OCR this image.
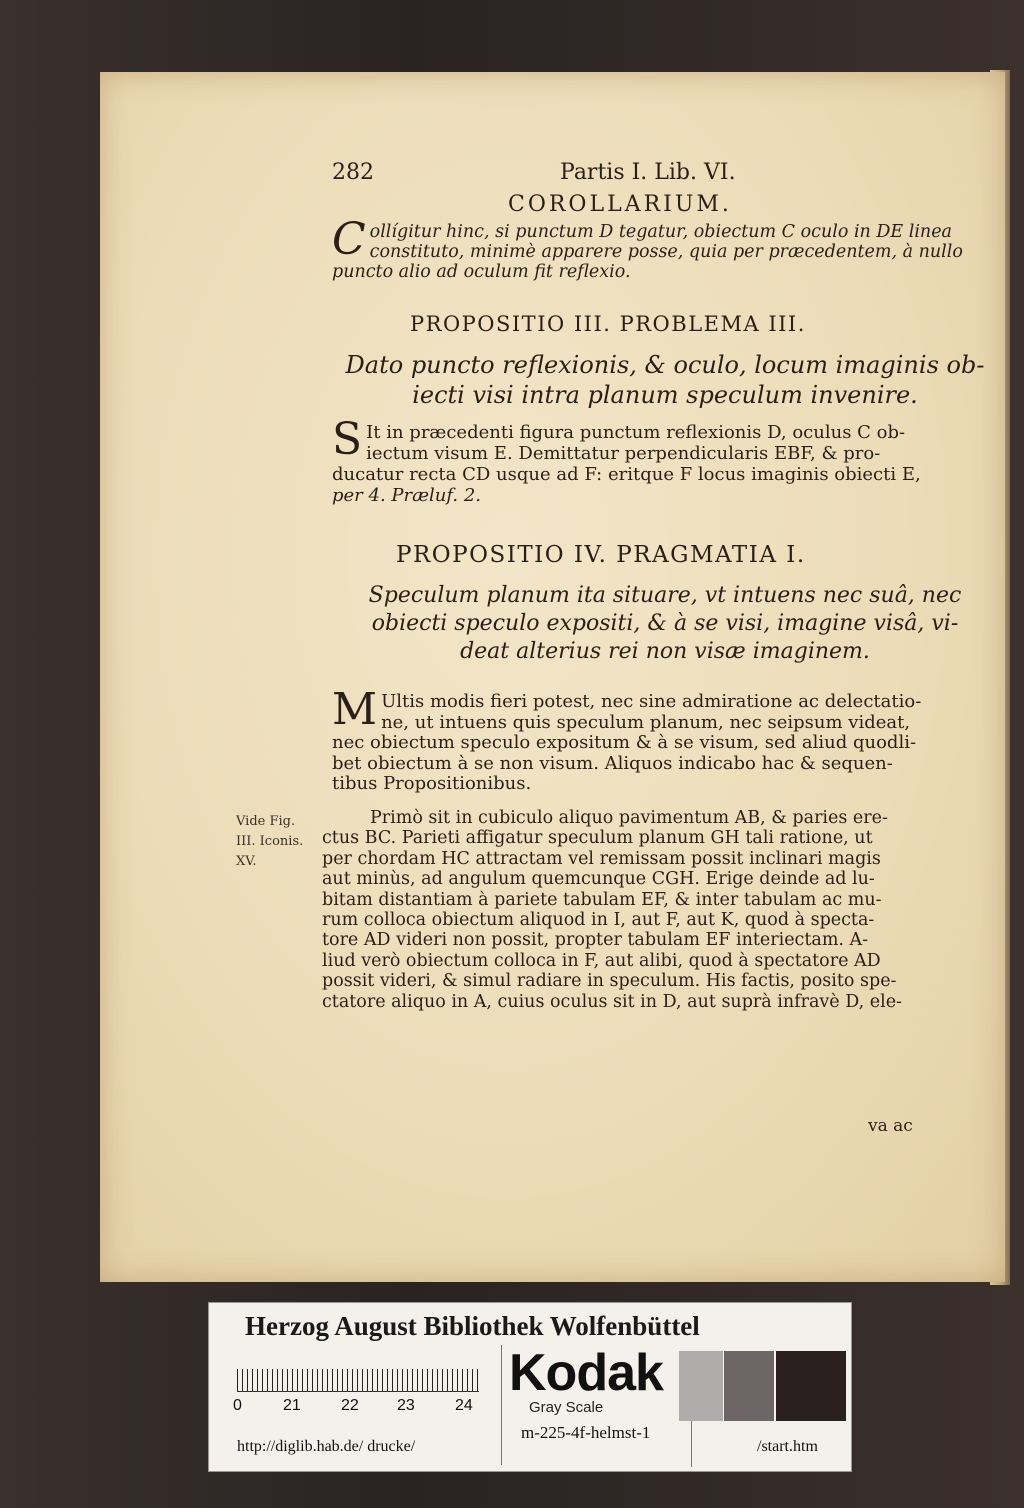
282	Partis I. Lib. VI.
COROLLARIUM.
C ollígitur hinc, si punctum D tegatur, obiectum C oculo in DE linea
constituto, minimè apparere posse, quia per præcedentem, à nullo
puncto alio ad oculum fit reflexio.
PROPOSITIO III. PROBLEMA III.
Dato puncto reflexionis, & oculo, locum imaginis ob-
iecti visi intra planum speculum invenire.
S It in præcedenti figura punctum reflexionis D, oculus C ob-
iectum visum E. Demittatur perpendicularis EBF, & pro-
ducatur recta CD usque ad F: eritque F locus imaginis obiecti E,
per 4. Præluf. 2.
PROPOSITIO IV. PRAGMATIA I.
Speculum planum ita situare, vt intuens nec suâ, nec
obiecti speculo expositi, & à se visi, imagine visâ, vi-
deat alterius rei non visæ imaginem.
M Ultis modis fieri potest, nec sine admiratione ac delectatio-
ne, ut intuens quis speculum planum, nec seipsum videat,
nec obiectum speculo expositum & à se visum, sed aliud quodli-
bet obiectum à se non visum. Aliquos indicabo hac & sequen-
tibus Propositionibus.
Vide Fig.
III. Iconis.
XV.
Primò sit in cubiculo aliquo pavimentum AB, & paries ere-
ctus BC. Parieti affigatur speculum planum GH tali ratione, ut
per chordam HC attractam vel remissam possit inclinari magis
aut minùs, ad angulum quemcunque CGH. Erige deinde ad lu-
bitam distantiam à pariete tabulam EF, & inter tabulam ac mu-
rum colloca obiectum aliquod in I, aut F, aut K, quod à specta-
tore AD videri non possit, propter tabulam EF interiectam. A-
liud verò obiectum colloca in F, aut alibi, quod à spectatore AD
possit videri, & simul radiare in speculum. His factis, posito spe-
ctatore aliquo in A, cuius oculus sit in D, aut suprà infravè D, ele-
va ac
Herzog August Bibliothek Wolfenbüttel
0	21	22 23	24
Kodak
Gray Scale
m-225-4f-helmst-1
http://diglib.hab.de/ drucke/	/start.htm
